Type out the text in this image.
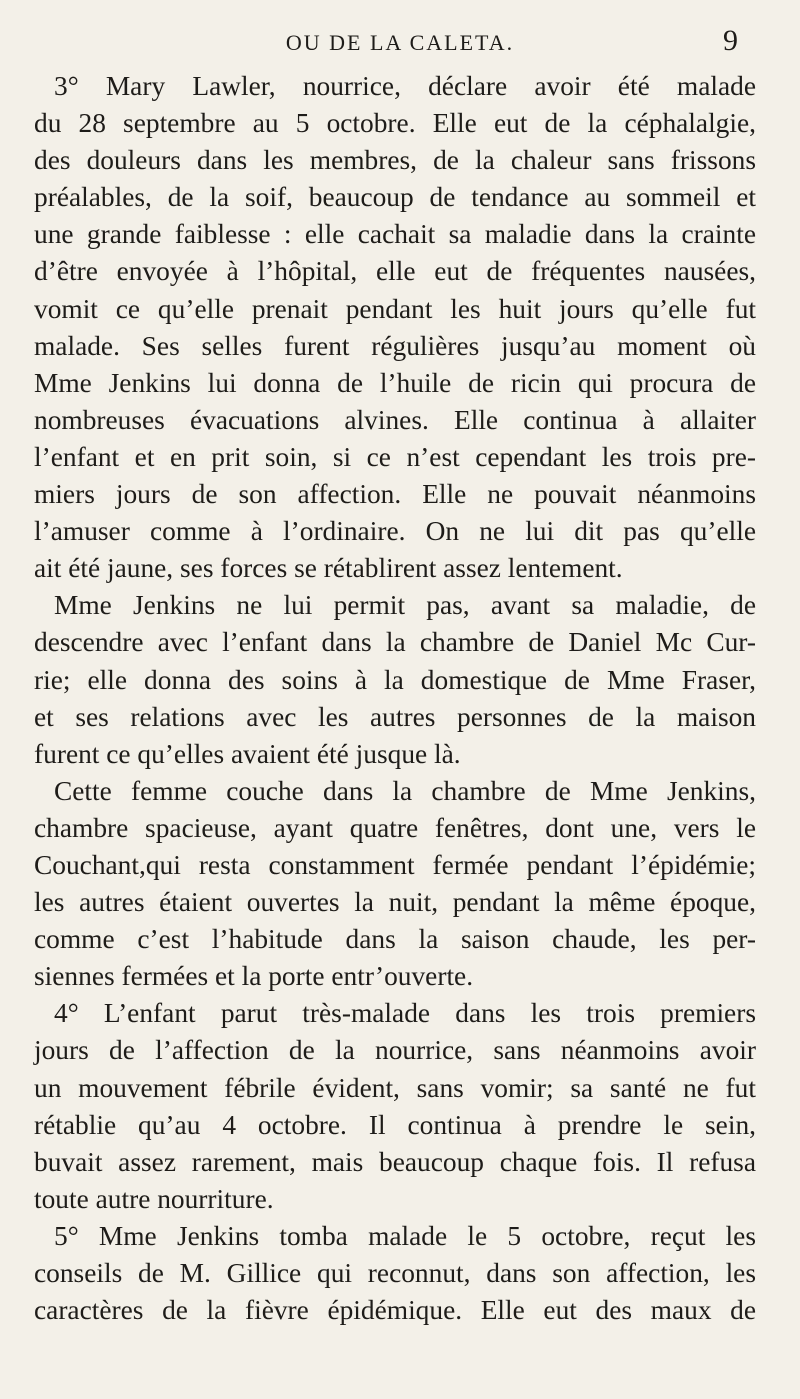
OU DE LA CALETA.	9
3° Mary Lawler, nourrice, déclare avoir été malade
du 28 septembre au 5 octobre. Elle eut de la céphalalgie,
des douleurs dans les membres, de la chaleur sans frissons
préalables, de la soif, beaucoup de tendance au sommeil et
une grande faiblesse : elle cachait sa maladie dans la crainte
d’être envoyée à l’hôpital, elle eut de fréquentes nausées,
vomit ce qu’elle prenait pendant les huit jours qu’elle fut
malade. Ses selles furent régulières jusqu’au moment où
Mme Jenkins lui donna de l’huile de ricin qui procura de
nombreuses évacuations alvines. Elle continua à allaiter
l’enfant et en prit soin, si ce n’est cependant les trois pre-
miers jours de son affection. Elle ne pouvait néanmoins
l’amuser comme à l’ordinaire. On ne lui dit pas qu’elle
ait été jaune, ses forces se rétablirent assez lentement.
Mme Jenkins ne lui permit pas, avant sa maladie, de
descendre avec l’enfant dans la chambre de Daniel Mc Cur-
rie; elle donna des soins à la domestique de Mme Fraser,
et ses relations avec les autres personnes de la maison
furent ce qu’elles avaient été jusque là.
Cette femme couche dans la chambre de Mme Jenkins,
chambre spacieuse, ayant quatre fenêtres, dont une, vers le
Couchant,qui resta constamment fermée pendant l’épidémie;
les autres étaient ouvertes la nuit, pendant la même époque,
comme c’est l’habitude dans la saison chaude, les per-
siennes fermées et la porte entr’ouverte.
4° L’enfant parut très-malade dans les trois premiers
jours de l’affection de la nourrice, sans néanmoins avoir
un mouvement fébrile évident, sans vomir; sa santé ne fut
rétablie qu’au 4 octobre. Il continua à prendre le sein,
buvait assez rarement, mais beaucoup chaque fois. Il refusa
toute autre nourriture.
5° Mme Jenkins tomba malade le 5 octobre, reçut les
conseils de M. Gillice qui reconnut, dans son affection, les
caractères de la fièvre épidémique. Elle eut des maux de
